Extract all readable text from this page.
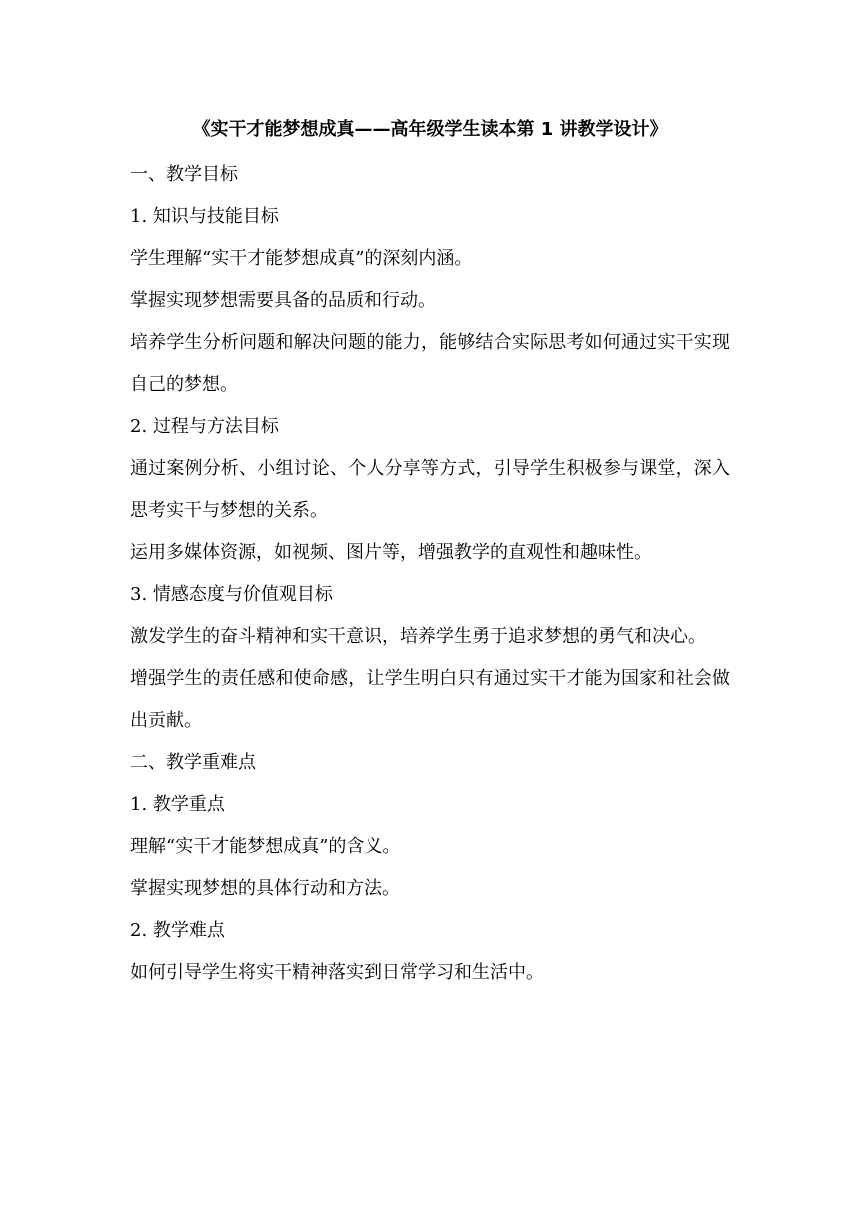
《实干才能梦想成真——高年级学生读本第 1 讲教学设计》

一、教学目标

1. 知识与技能目标

学生理解“实干才能梦想成真”的深刻内涵。

掌握实现梦想需要具备的品质和行动。

培养学生分析问题和解决问题的能力，能够结合实际思考如何通过实干实现自己的梦想。

2. 过程与方法目标

通过案例分析、小组讨论、个人分享等方式，引导学生积极参与课堂，深入思考实干与梦想的关系。

运用多媒体资源，如视频、图片等，增强教学的直观性和趣味性。

3. 情感态度与价值观目标

激发学生的奋斗精神和实干意识，培养学生勇于追求梦想的勇气和决心。

增强学生的责任感和使命感，让学生明白只有通过实干才能为国家和社会做出贡献。

二、教学重难点

1. 教学重点

理解“实干才能梦想成真”的含义。

掌握实现梦想的具体行动和方法。

2. 教学难点

如何引导学生将实干精神落实到日常学习和生活中。
